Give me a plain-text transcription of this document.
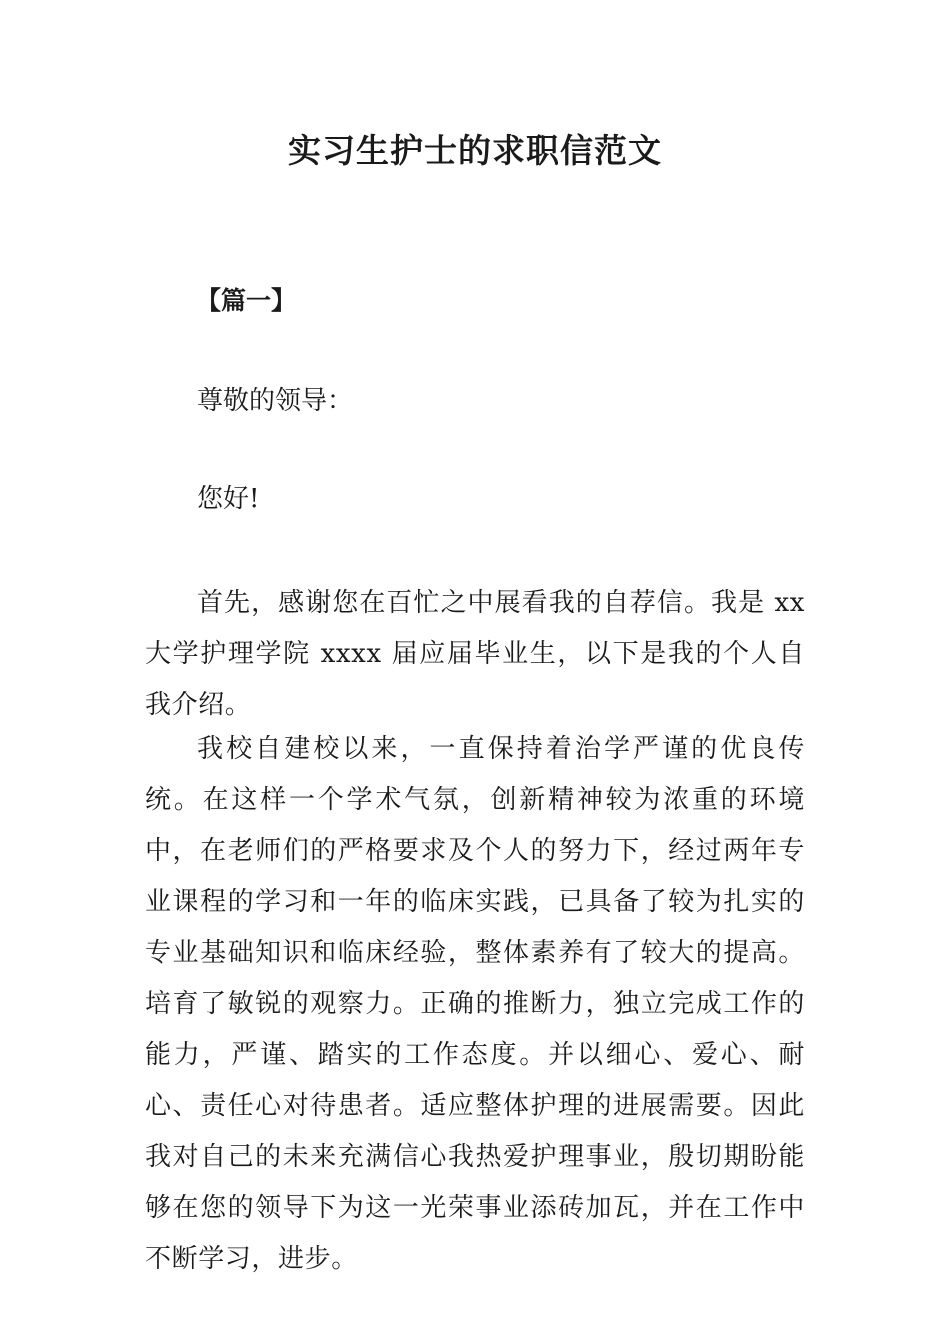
实习生护士的求职信范文

【篇一】

尊敬的领导：

您好!

首先，感谢您在百忙之中展看我的自荐信。我是 xx 大学护理学院 xxxx 届应届毕业生，以下是我的个人自我介绍。

我校自建校以来，一直保持着治学严谨的优良传统。在这样一个学术气氛，创新精神较为浓重的环境中，在老师们的严格要求及个人的努力下，经过两年专业课程的学习和一年的临床实践，已具备了较为扎实的专业基础知识和临床经验，整体素养有了较大的提高。培育了敏锐的观察力。正确的推断力，独立完成工作的能力，严谨、踏实的工作态度。并以细心、爱心、耐心、责任心对待患者。适应整体护理的进展需要。因此我对自己的未来充满信心我热爱护理事业，殷切期盼能够在您的领导下为这一光荣事业添砖加瓦，并在工作中不断学习，进步。
